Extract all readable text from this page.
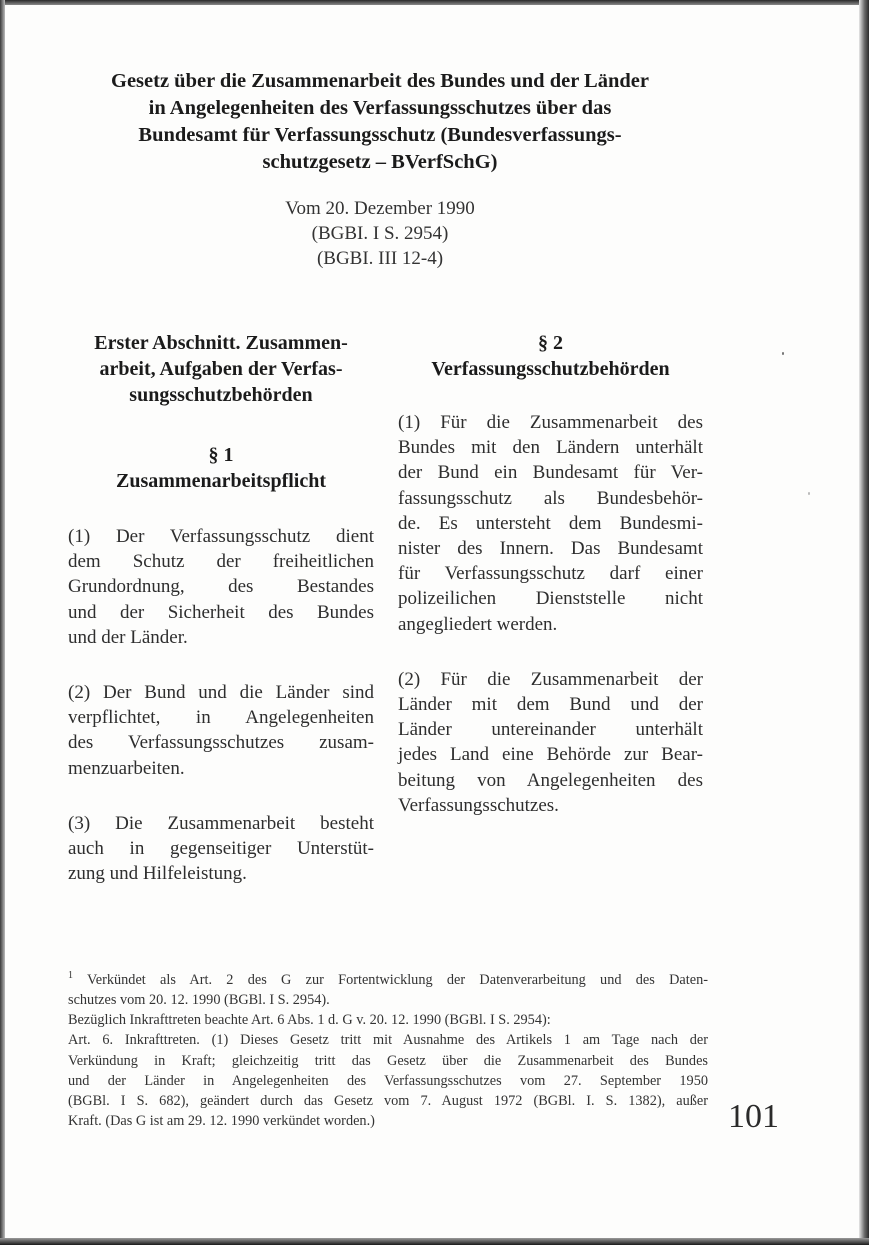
Gesetz über die Zusammenarbeit des Bundes und der Länder
in Angelegenheiten des Verfassungsschutzes über das
Bundesamt für Verfassungsschutz (Bundesverfassungs-
schutzgesetz – BVerfSchG)
Vom 20. Dezember 1990
(BGBI. I S. 2954)
(BGBI. III 12-4)
Erster Abschnitt. Zusammen-
arbeit, Aufgaben der Verfas-
sungsschutzbehörden
§ 1
Zusammenarbeitspflicht

(1) Der Verfassungsschutz dient
dem Schutz der freiheitlichen
Grundordnung, des Bestandes
und der Sicherheit des Bundes
und der Länder.

(2) Der Bund und die Länder sind
verpflichtet, in Angelegenheiten
des Verfassungsschutzes zusam-
menzuarbeiten.

(3) Die Zusammenarbeit besteht
auch in gegenseitiger Unterstüt-
zung und Hilfeleistung.

§ 2
Verfassungsschutzbehörden

(1) Für die Zusammenarbeit des
Bundes mit den Ländern unterhält
der Bund ein Bundesamt für Ver-
fassungsschutz als Bundesbehör-
de. Es untersteht dem Bundesmi-
nister des Innern. Das Bundesamt
für Verfassungsschutz darf einer
polizeilichen Dienststelle nicht
angegliedert werden.

(2) Für die Zusammenarbeit der
Länder mit dem Bund und der
Länder untereinander unterhält
jedes Land eine Behörde zur Bear-
beitung von Angelegenheiten des
Verfassungsschutzes.

$^1$ Verkündet als Art. 2 des G zur Fortentwicklung der Datenverarbeitung und des Daten-
schutzes vom 20. 12. 1990 (BGBl. I S. 2954).
Bezüglich Inkrafttreten beachte Art. 6 Abs. 1 d. G v. 20. 12. 1990 (BGBl. I S. 2954):
Art. 6. Inkrafttreten. (1) Dieses Gesetz tritt mit Ausnahme des Artikels 1 am Tage nach der
Verkündung in Kraft; gleichzeitig tritt das Gesetz über die Zusammenarbeit des Bundes
und der Länder in Angelegenheiten des Verfassungsschutzes vom 27. September 1950
(BGBl. I S. 682), geändert durch das Gesetz vom 7. August 1972 (BGBl. I. S. 1382), außer
Kraft. (Das G ist am 29. 12. 1990 verkündet worden.)	101
